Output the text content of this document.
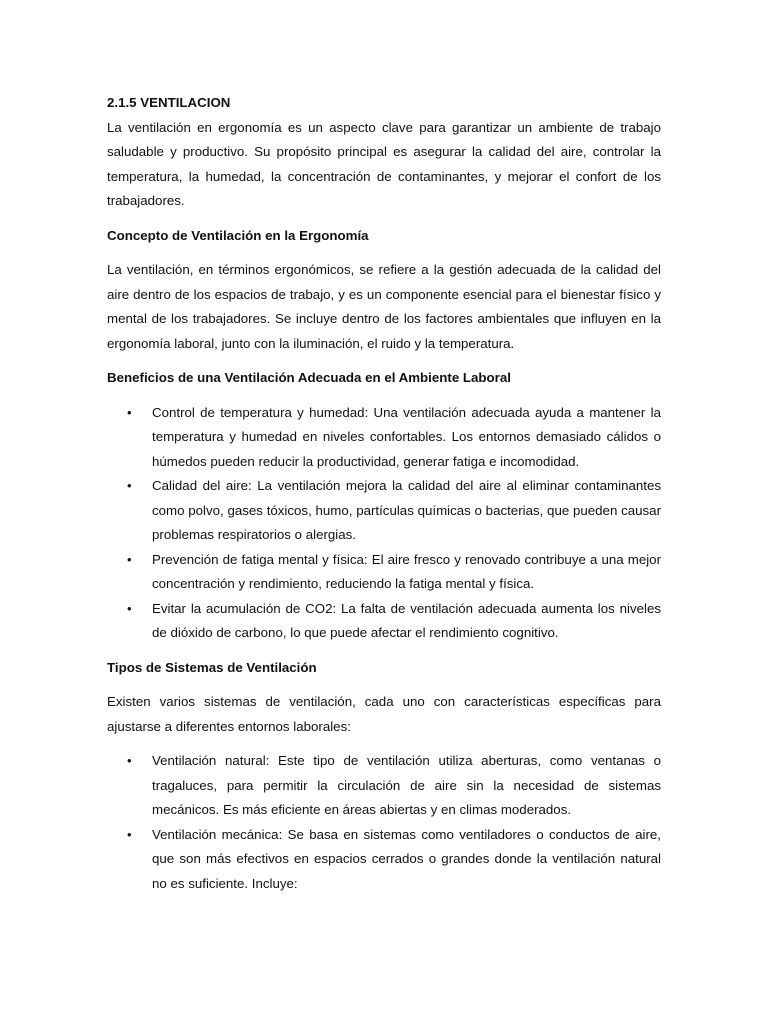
2.1.5 VENTILACION

La ventilación en ergonomía es un aspecto clave para garantizar un ambiente de trabajo saludable y productivo. Su propósito principal es asegurar la calidad del aire, controlar la temperatura, la humedad, la concentración de contaminantes, y mejorar el confort de los trabajadores.

Concepto de Ventilación en la Ergonomía

La ventilación, en términos ergonómicos, se refiere a la gestión adecuada de la calidad del aire dentro de los espacios de trabajo, y es un componente esencial para el bienestar físico y mental de los trabajadores. Se incluye dentro de los factores ambientales que influyen en la ergonomía laboral, junto con la iluminación, el ruido y la temperatura.

Beneficios de una Ventilación Adecuada en el Ambiente Laboral

• Control de temperatura y humedad: Una ventilación adecuada ayuda a mantener la temperatura y humedad en niveles confortables. Los entornos demasiado cálidos o húmedos pueden reducir la productividad, generar fatiga e incomodidad.
• Calidad del aire: La ventilación mejora la calidad del aire al eliminar contaminantes como polvo, gases tóxicos, humo, partículas químicas o bacterias, que pueden causar problemas respiratorios o alergias.
• Prevención de fatiga mental y física: El aire fresco y renovado contribuye a una mejor concentración y rendimiento, reduciendo la fatiga mental y física.
• Evitar la acumulación de CO2: La falta de ventilación adecuada aumenta los niveles de dióxido de carbono, lo que puede afectar el rendimiento cognitivo.

Tipos de Sistemas de Ventilación

Existen varios sistemas de ventilación, cada uno con características específicas para ajustarse a diferentes entornos laborales:

• Ventilación natural: Este tipo de ventilación utiliza aberturas, como ventanas o tragaluces, para permitir la circulación de aire sin la necesidad de sistemas mecánicos. Es más eficiente en áreas abiertas y en climas moderados.
• Ventilación mecánica: Se basa en sistemas como ventiladores o conductos de aire, que son más efectivos en espacios cerrados o grandes donde la ventilación natural no es suficiente. Incluye:
